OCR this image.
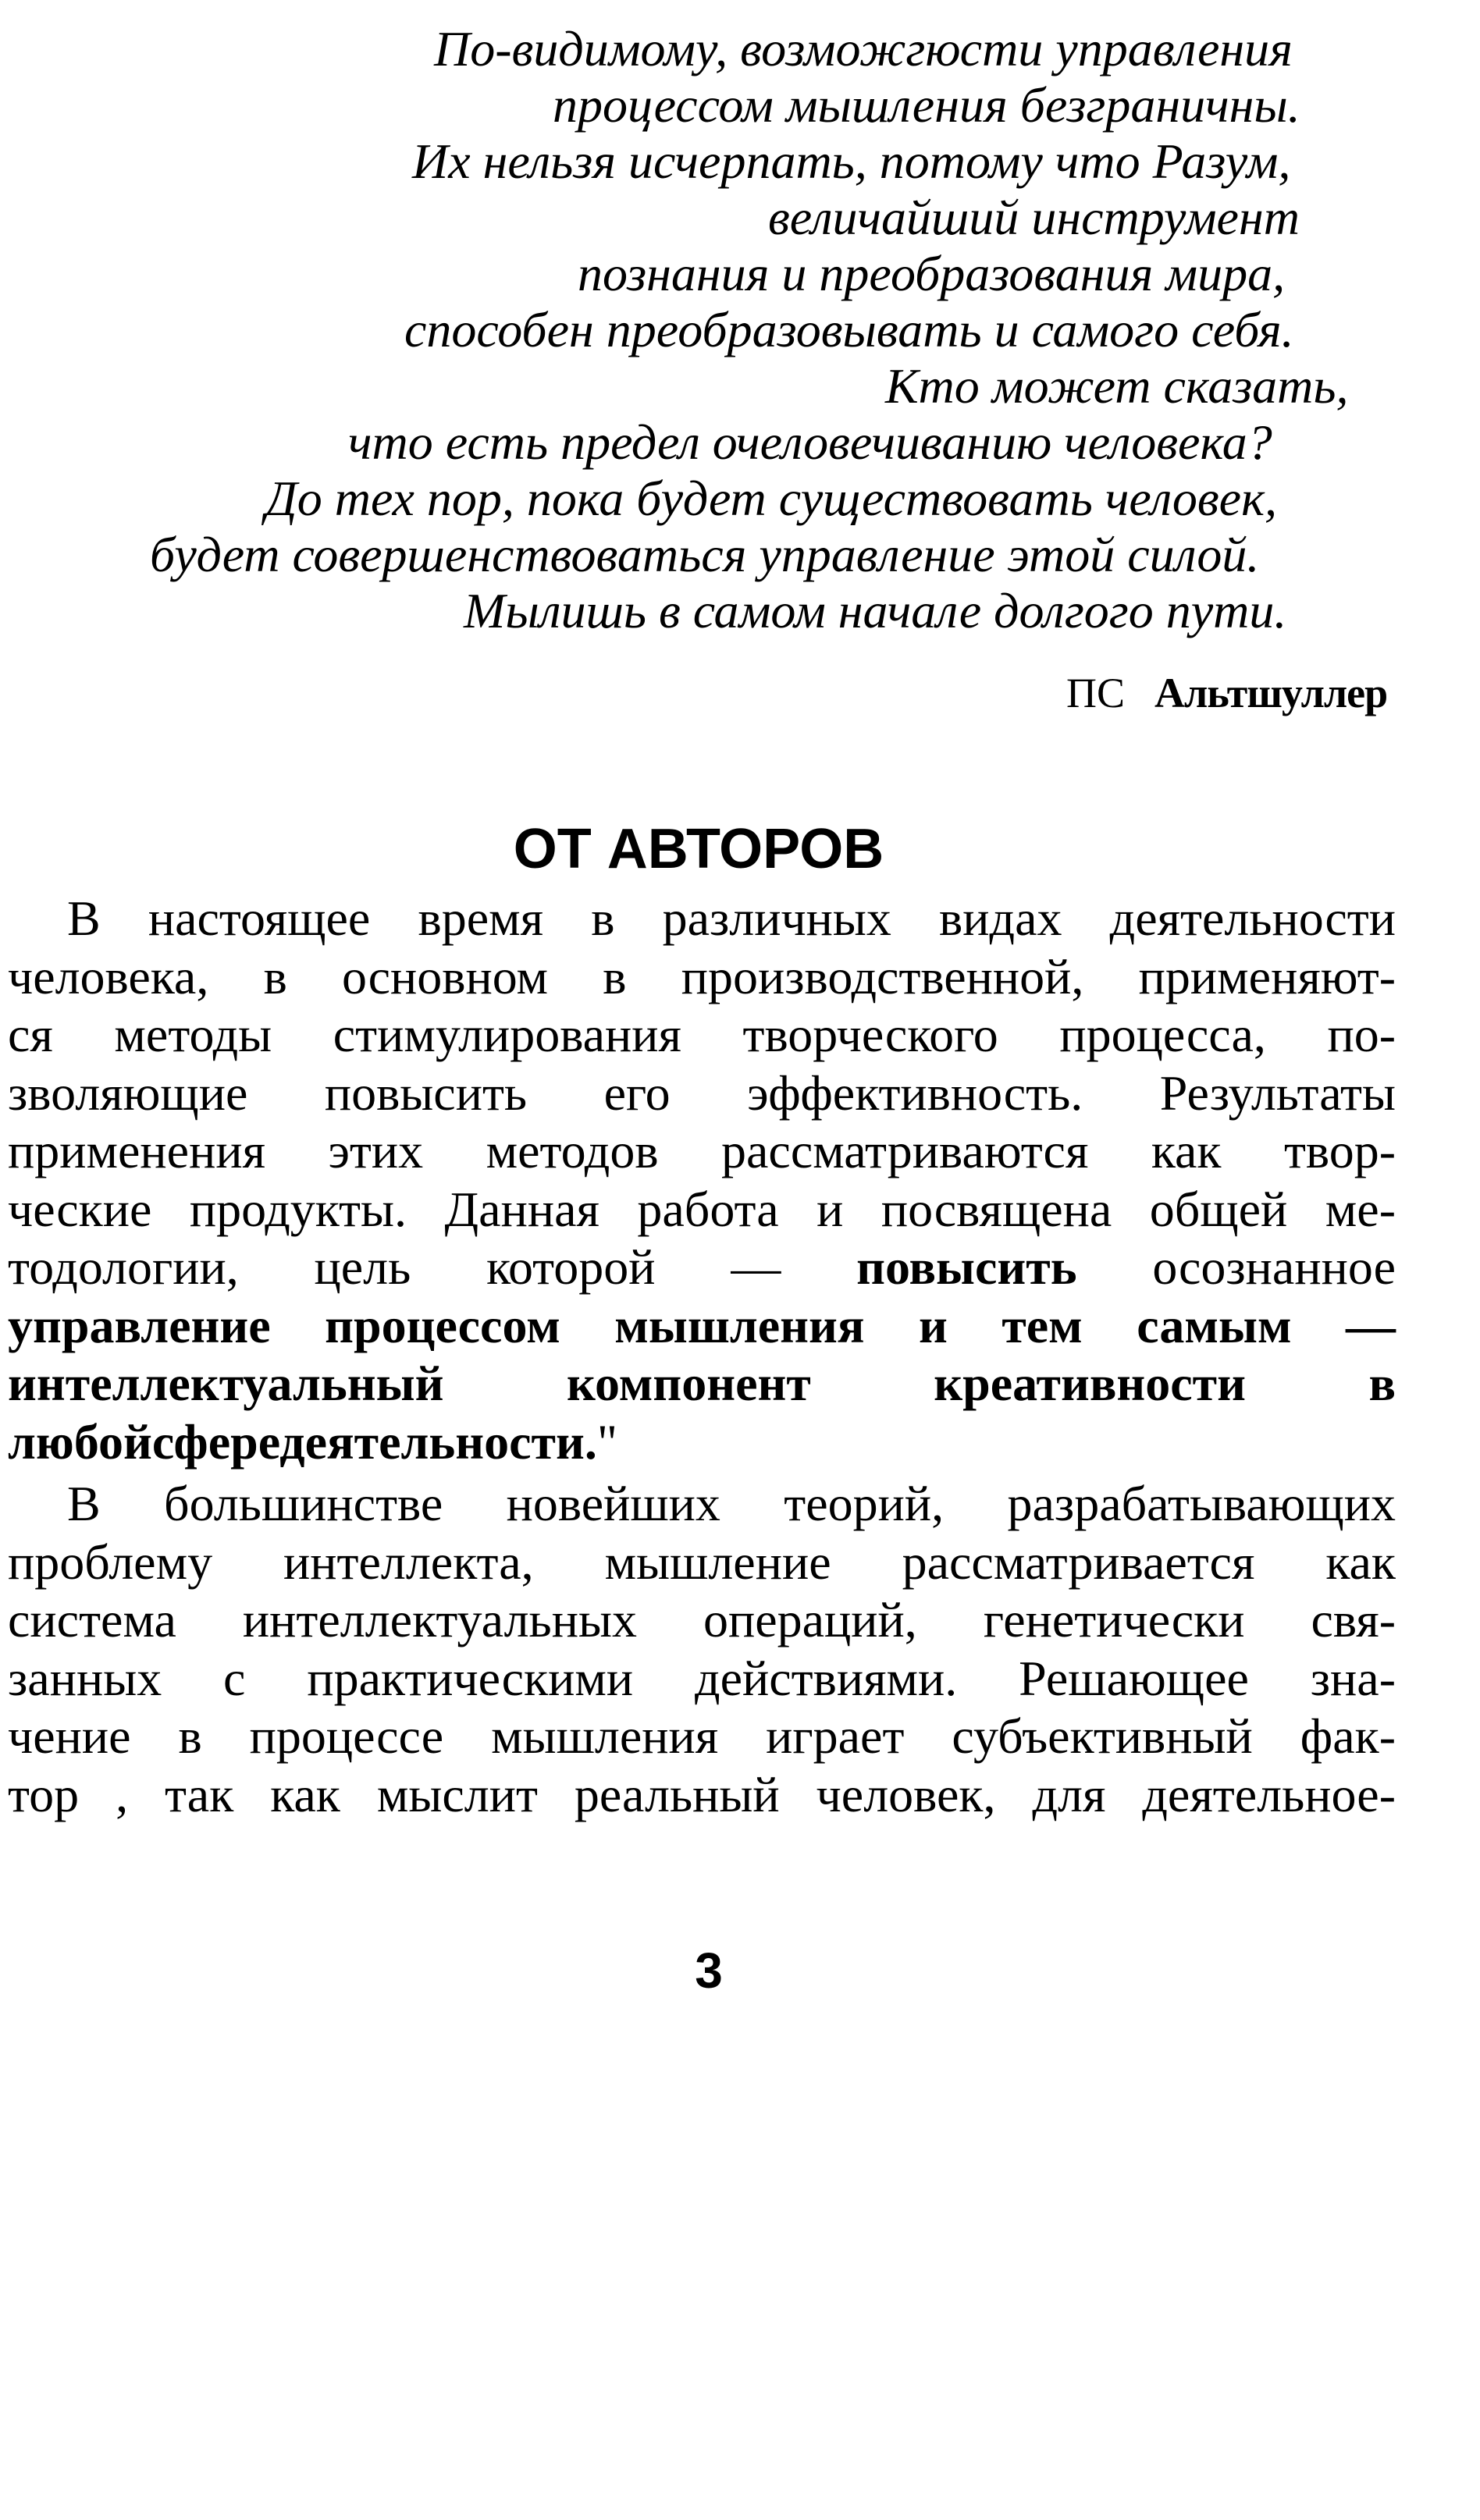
По-видимому, возможгюсти управления
процессом мышления безграничны.
Их нельзя исчерпать, потому что Разум,
величайший инструмент
познания и преобразования мира,
способен преобразовывать и самого себя.
Кто может сказать,
что есть предел очеловечиванию человека?
До тех пор, пока будет существовать человек,
будет совершенствоваться управление этой силой.
Мылишь в самом начале долгого пути.
ПС Альтшуллер
ОТ АВТОРОВ
В настоящее время в различных видах деятельности
человека, в основном в производственной, применяют-
ся методы стимулирования творческого процесса, по-
зволяющие повысить его эффективность. Результаты
применения этих методов рассматриваются как твор-
ческие продукты. Данная работа и посвящена общей ме-
тодологии, цель которой — повысить осознанное
управление процессом мышления и тем самым —
интеллектуальный компонент креативности в
любойсфередеятельности."
В большинстве новейших теорий, разрабатывающих
проблему интеллекта, мышление рассматривается как
система интеллектуальных операций, генетически свя-
занных с практическими действиями. Решающее зна-
чение в процессе мышления играет субъективный фак-
тор , так как мыслит реальный человек, для деятельное-
3
